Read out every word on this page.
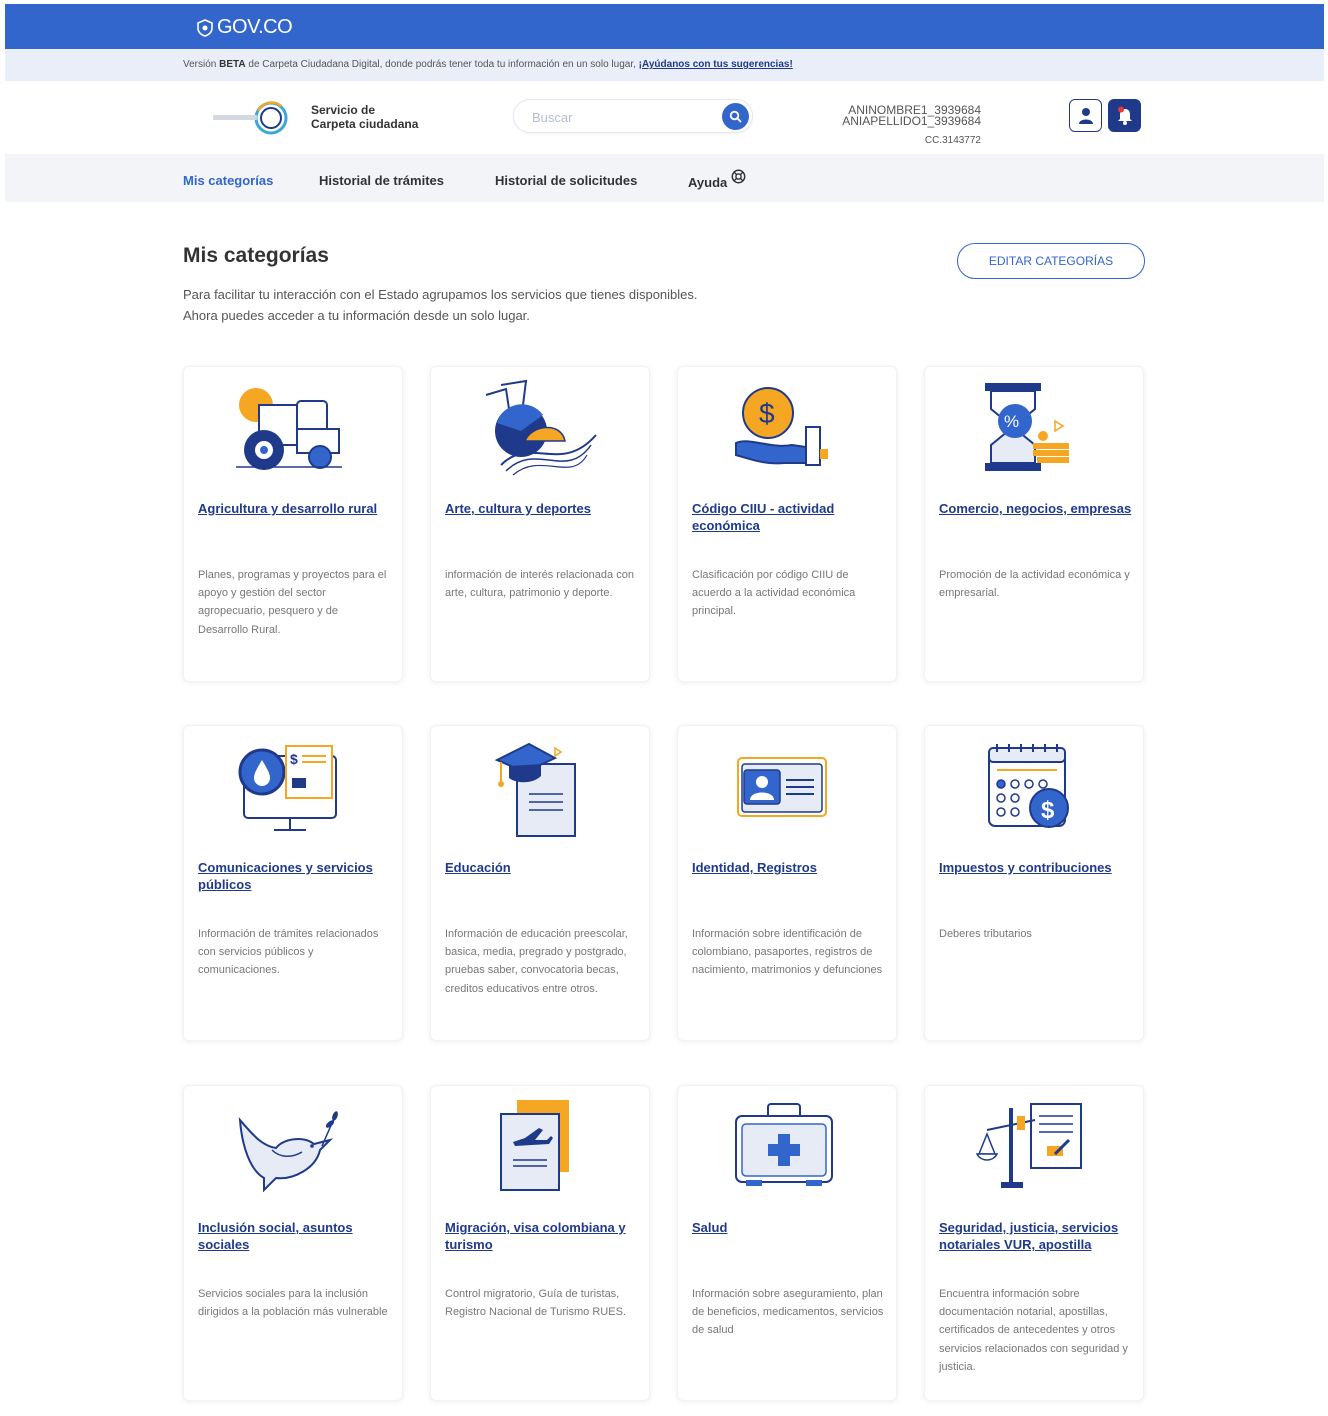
GOV.CO
Versión BETA de Carpeta Ciudadana Digital, donde podrás tener toda tu información en un solo lugar, ¡Ayúdanos con tus sugerencias!
Servicio de
Carpeta ciudadana
Buscar
ANINOMBRE1_3939684
ANIAPELLIDO1_3939684
CC.3143772
Mis categorías	Historial de trámites	Historial de solicitudes	Ayuda
Mis categorías
Para facilitar tu interacción con el Estado agrupamos los servicios que tienes disponibles.
Ahora puedes acceder a tu información desde un solo lugar.
EDITAR CATEGORÍAS
Agricultura y desarrollo rural
Planes, programas y proyectos para el apoyo y gestión del sector agropecuario, pesquero y de Desarrollo Rural.
Arte, cultura y deportes
información de interés relacionada con arte, cultura, patrimonio y deporte.
$
Código CIIU - actividad económica
Clasificación por código CIIU de acuerdo a la actividad económica principal.
%
Comercio, negocios, empresas
Promoción de la actividad económica y empresarial.
$
Comunicaciones y servicios públicos
Información de trámites relacionados con servicios públicos y comunicaciones.
Educación
Información de educación preescolar, basica, media, pregrado y postgrado, pruebas saber, convocatoria becas, creditos educativos entre otros.
Identidad, Registros
Información sobre identificación de colombiano, pasaportes, registros de nacimiento, matrimonios y defunciones
$
Impuestos y contribuciones
Deberes tributarios
Inclusión social, asuntos sociales
Servicios sociales para la inclusión dirigidos a la población más vulnerable
Migración, visa colombiana y turismo
Control migratorio, Guía de turistas, Registro Nacional de Turismo RUES.
Salud
Información sobre aseguramiento, plan de beneficios, medicamentos, servicios de salud
Seguridad, justicia, servicios notariales VUR, apostilla
Encuentra información sobre documentación notarial, apostillas, certificados de antecedentes y otros servicios relacionados con seguridad y justicia.
